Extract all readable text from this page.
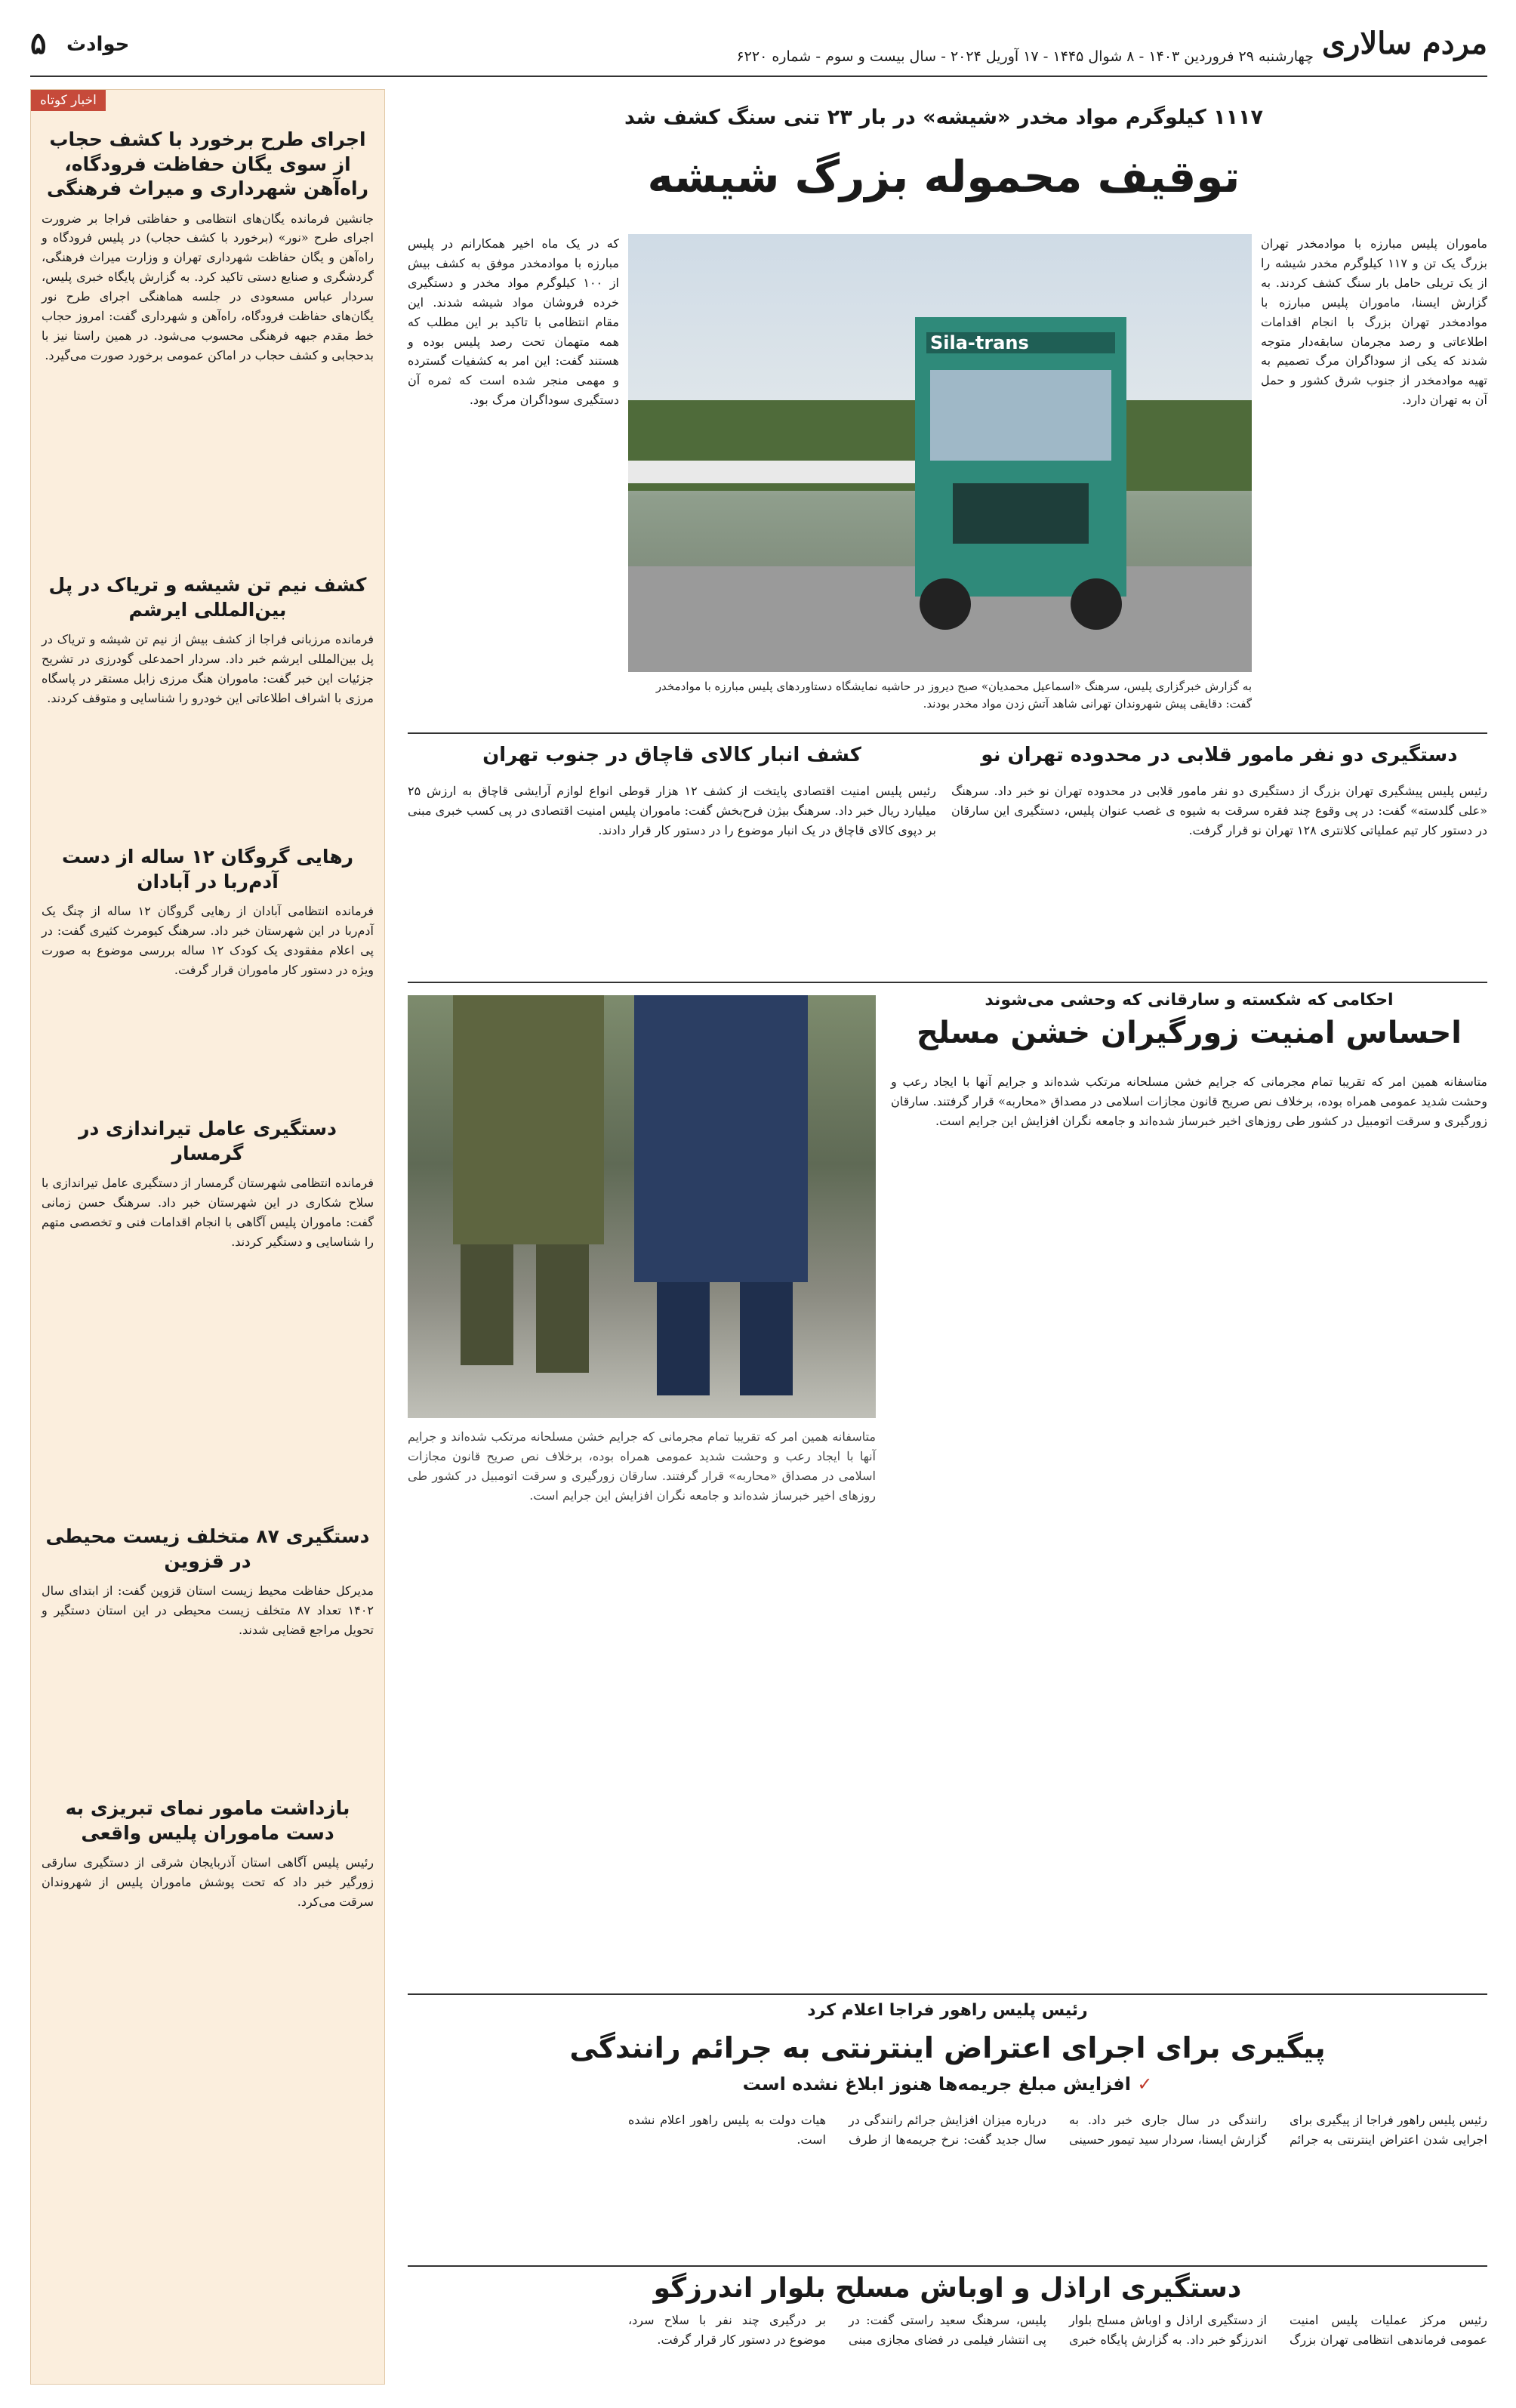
مردم سالاری
چهارشنبه ۲۹ فروردین ۱۴۰۳ - ۸ شوال ۱۴۴۵ - ۱۷ آوریل ۲۰۲۴ - سال بیست و سوم - شماره ۶۲۲۰
حوادث
۵
اخبار کوتاه
اجرای طرح برخورد با کشف حجاب از سوی یگان حفاظت فرودگاه، راه‌آهن شهرداری و میراث فرهنگی

جانشین فرمانده یگان‌های انتظامی و حفاظتی فراجا بر ضرورت اجرای طرح «نور» (برخورد با کشف حجاب) در پلیس فرودگاه و راه‌آهن و یگان حفاظت شهرداری تهران و وزارت میراث فرهنگی، گردشگری و صنایع دستی تاکید کرد. به گزارش پایگاه خبری پلیس، سردار عباس مسعودی در جلسه هماهنگی اجرای طرح نور یگان‌های حفاظت فرودگاه، راه‌آهن و شهرداری گفت: امروز حجاب خط مقدم جبهه فرهنگی محسوب می‌شود. در همین راستا نیز با بدحجابی و کشف حجاب در اماکن عمومی برخورد صورت می‌گیرد.

کشف نیم تن شیشه و تریاک در پل بین‌المللی ایرشم

فرمانده مرزبانی فراجا از کشف بیش از نیم تن شیشه و تریاک در پل بین‌المللی ایرشم خبر داد. سردار احمدعلی گودرزی در تشریح جزئیات این خبر گفت: ماموران هنگ مرزی زابل مستقر در پاسگاه مرزی با اشراف اطلاعاتی این خودرو را شناسایی و متوقف کردند.

رهایی گروگان ۱۲ ساله از دست آدم‌ربا در آبادان

فرمانده انتظامی آبادان از رهایی گروگان ۱۲ ساله از چنگ یک آدم‌ربا در این شهرستان خبر داد. سرهنگ کیومرث کثیری گفت: در پی اعلام مفقودی یک کودک ۱۲ ساله بررسی موضوع به صورت ویژه در دستور کار ماموران قرار گرفت.

دستگیری عامل تیراندازی در گرمسار

فرمانده انتظامی شهرستان گرمسار از دستگیری عامل تیراندازی با سلاح شکاری در این شهرستان خبر داد. سرهنگ حسن زمانی گفت: ماموران پلیس آگاهی با انجام اقدامات فنی و تخصصی متهم را شناسایی و دستگیر کردند.

دستگیری ۸۷ متخلف زیست محیطی در قزوین

مدیرکل حفاظت محیط زیست استان قزوین گفت: از ابتدای سال ۱۴۰۲ تعداد ۸۷ متخلف زیست محیطی در این استان دستگیر و تحویل مراجع قضایی شدند.

بازداشت مامور نمای تبریزی به دست ماموران پلیس واقعی

رئیس پلیس آگاهی استان آذربایجان شرقی از دستگیری سارقی زورگیر خبر داد که تحت پوشش ماموران پلیس از شهروندان سرقت می‌کرد.

۱۱۱۷ کیلوگرم مواد مخدر «شیشه» در بار ۲۳ تنی سنگ کشف شد
توقیف محموله بزرگ شیشه
ماموران پلیس مبارزه با موادمخدر تهران بزرگ یک تن و ۱۱۷ کیلوگرم مخدر شیشه را از یک تریلی حامل بار سنگ کشف کردند. به گزارش ایسنا، ماموران پلیس مبارزه با موادمخدر تهران بزرگ با انجام اقدامات اطلاعاتی و رصد مجرمان سابقه‌دار متوجه شدند که یکی از سوداگران مرگ تصمیم به تهیه موادمخدر از جنوب شرق کشور و حمل آن به تهران دارد.
که در یک ماه اخیر همکارانم در پلیس مبارزه با موادمخدر موفق به کشف بیش از ۱۰۰ کیلوگرم مواد مخدر و دستگیری خرده فروشان مواد شیشه شدند. این مقام انتظامی با تاکید بر این مطلب که همه متهمان تحت رصد پلیس بوده و هستند گفت: این امر به کشفیات گسترده و مهمی منجر شده است که ثمره آن دستگیری سوداگران مرگ بود.
Sila-trans
به گزارش خبرگزاری پلیس، سرهنگ «اسماعیل محمدیان» صبح دیروز در حاشیه نمایشگاه دستاوردهای پلیس مبارزه با موادمخدر گفت: دقایقی پیش شهروندان تهرانی شاهد آتش زدن مواد مخدر بودند.
دستگیری دو نفر مامور قلابی در محدوده تهران نو
رئیس پلیس پیشگیری تهران بزرگ از دستگیری دو نفر مامور قلابی در محدوده تهران نو خبر داد. سرهنگ «علی گلدسته» گفت: در پی وقوع چند فقره سرقت به شیوه ی غصب عنوان پلیس، دستگیری این سارقان در دستور کار تیم عملیاتی کلانتری ۱۲۸ تهران نو قرار گرفت.
کشف انبار کالای قاچاق در جنوب تهران
رئیس پلیس امنیت اقتصادی پایتخت از کشف ۱۲ هزار قوطی انواع لوازم آرایشی قاچاق به ارزش ۲۵ میلیارد ریال خبر داد. سرهنگ بیژن فرح‌بخش گفت: ماموران پلیس امنیت اقتصادی در پی کسب خبری مبنی بر دپوی کالای قاچاق در یک انبار موضوع را در دستور کار قرار دادند.
احکامی که شکسته و سارقانی که وحشی می‌شوند
احساس امنیت زورگیران خشن مسلح
متاسفانه همین امر که تقریبا تمام مجرمانی که جرایم خشن مسلحانه مرتکب شده‌اند و جرایم آنها با ایجاد رعب و وحشت شدید عمومی همراه بوده، برخلاف نص صریح قانون مجازات اسلامی در مصداق «محاربه» قرار گرفتند. سارقان زورگیری و سرقت اتومبیل در کشور طی روزهای اخیر خبرساز شده‌اند و جامعه نگران افزایش این جرایم است.
متاسفانه همین امر که تقریبا تمام مجرمانی که جرایم خشن مسلحانه مرتکب شده‌اند و جرایم آنها با ایجاد رعب و وحشت شدید عمومی همراه بوده، برخلاف نص صریح قانون مجازات اسلامی در مصداق «محاربه» قرار گرفتند. سارقان زورگیری و سرقت اتومبیل در کشور طی روزهای اخیر خبرساز شده‌اند و جامعه نگران افزایش این جرایم است.
رئیس پلیس راهور فراجا اعلام کرد
پیگیری برای اجرای اعتراض اینترنتی به جرائم رانندگی
✓ افزایش مبلغ جریمه‌ها هنوز ابلاغ نشده است
رئیس پلیس راهور فراجا از پیگیری برای اجرایی شدن اعتراض اینترنتی به جرائم رانندگی در سال جاری خبر داد. به گزارش ایسنا، سردار سید تیمور حسینی درباره میزان افزایش جرائم رانندگی در سال جدید گفت: نرخ جریمه‌ها از طرف هیات دولت به پلیس راهور اعلام نشده است.
دستگیری اراذل و اوباش مسلح بلوار اندرزگو
رئیس مرکز عملیات پلیس امنیت عمومی فرماندهی انتظامی تهران بزرگ از دستگیری اراذل و اوباش مسلح بلوار اندرزگو خبر داد. به گزارش پایگاه خبری پلیس، سرهنگ سعید راستی گفت: در پی انتشار فیلمی در فضای مجازی مبنی بر درگیری چند نفر با سلاح سرد، موضوع در دستور کار قرار گرفت.
